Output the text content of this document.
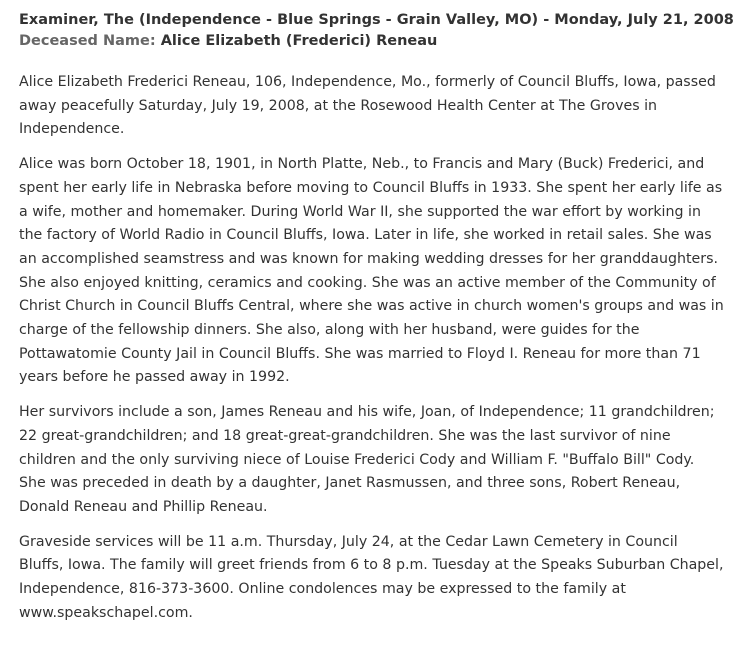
Examiner, The (Independence - Blue Springs - Grain Valley, MO) - Monday, July 21, 2008
Deceased Name: Alice Elizabeth (Frederici) Reneau

Alice Elizabeth Frederici Reneau, 106, Independence, Mo., formerly of Council Bluffs, Iowa, passed away peacefully Saturday, July 19, 2008, at the Rosewood Health Center at The Groves in Independence.

Alice was born October 18, 1901, in North Platte, Neb., to Francis and Mary (Buck) Frederici, and spent her early life in Nebraska before moving to Council Bluffs in 1933. She spent her early life as a wife, mother and homemaker. During World War II, she supported the war effort by working in the factory of World Radio in Council Bluffs, Iowa. Later in life, she worked in retail sales. She was an accomplished seamstress and was known for making wedding dresses for her granddaughters. She also enjoyed knitting, ceramics and cooking. She was an active member of the Community of Christ Church in Council Bluffs Central, where she was active in church women's groups and was in charge of the fellowship dinners. She also, along with her husband, were guides for the Pottawatomie County Jail in Council Bluffs. She was married to Floyd I. Reneau for more than 71 years before he passed away in 1992.

Her survivors include a son, James Reneau and his wife, Joan, of Independence; 11 grandchildren; 22 great-grandchildren; and 18 great-great-grandchildren. She was the last survivor of nine children and the only surviving niece of Louise Frederici Cody and William F. "Buffalo Bill" Cody. She was preceded in death by a daughter, Janet Rasmussen, and three sons, Robert Reneau, Donald Reneau and Phillip Reneau.

Graveside services will be 11 a.m. Thursday, July 24, at the Cedar Lawn Cemetery in Council Bluffs, Iowa. The family will greet friends from 6 to 8 p.m. Tuesday at the Speaks Suburban Chapel, Independence, 816-373-3600. Online condolences may be expressed to the family at www.speakschapel.com.
